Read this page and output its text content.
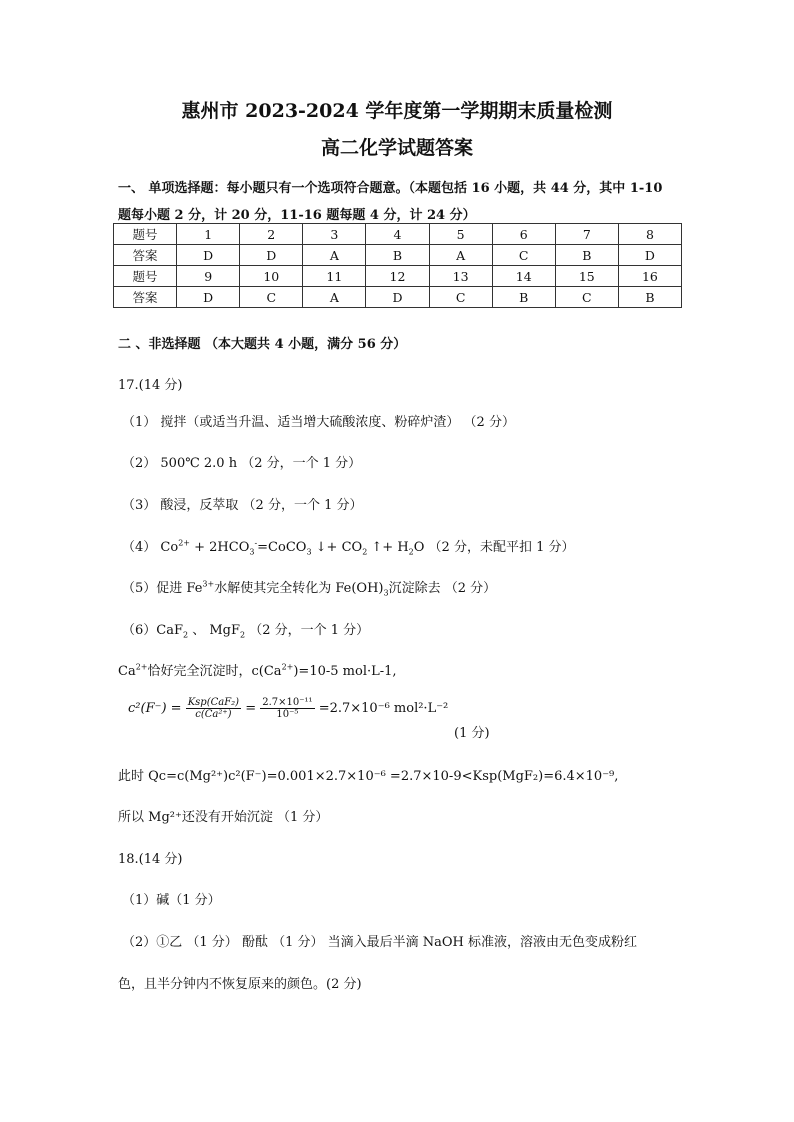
惠州市 2023-2024 学年度第一学期期末质量检测
高二化学试题答案
一、 单项选择题：每小题只有一个选项符合题意。（本题包括 16 小题，共 44 分，其中 1-10
题每小题 2 分，计 20 分，11-16 题每题 4 分，计 24 分）
题号	1	2	3	4	5	6	7	8
答案	D	D	A	B	A	C	B	D
题号	9	10	11	12	13	14	15	16
答案	D	C	A	D	C	B	C	B
二 、非选择题 （本大题共 4 小题，满分 56 分）
17.(14 分)
（1） 搅拌（或适当升温、适当增大硫酸浓度、粉碎炉渣） （2 分）
（2） 500℃ 2.0 h （2 分，一个 1 分）
（3） 酸浸，反萃取 （2 分，一个 1 分）
（4） $Co^{2+}$ + $2HCO_3^-=CoCO_3$ ↓+ $CO_2$ ↑+ $H_2O$ （2 分，未配平扣 1 分）
（5）促进 $Fe^{3+}$水解使其完全转化为 $Fe(OH)_3$沉淀除去 （2 分）
（6）CaF$_2$ 、 MgF$_2$ （2 分，一个 1 分）
$Ca^{2+}$恰好完全沉淀时，$c(Ca^{2+})=10-5$ mol·L-1,
$c^2(F^-) = \frac{\text{Ksp(CaF₂)}}{\text{c(Ca²⁺)}} = \frac{\text{2.7×10⁻¹¹}}{\text{10⁻⁵}} =2.7\times 10^{-6}$ mol²·L⁻²
(1 分)
此时 Qc=c(Mg²⁺)c²(F⁻)=0.001×2.7×10⁻⁶ =2.7×10-9<Ksp(MgF₂)=6.4×10⁻⁹,
所以 Mg²⁺还没有开始沉淀 （1 分）
18.(14 分)
（1）碱（1 分）
（2）①乙 （1 分） 酚酞 （1 分） 当滴入最后半滴 NaOH 标准液，溶液由无色变成粉红
色，且半分钟内不恢复原来的颜色。(2 分)
